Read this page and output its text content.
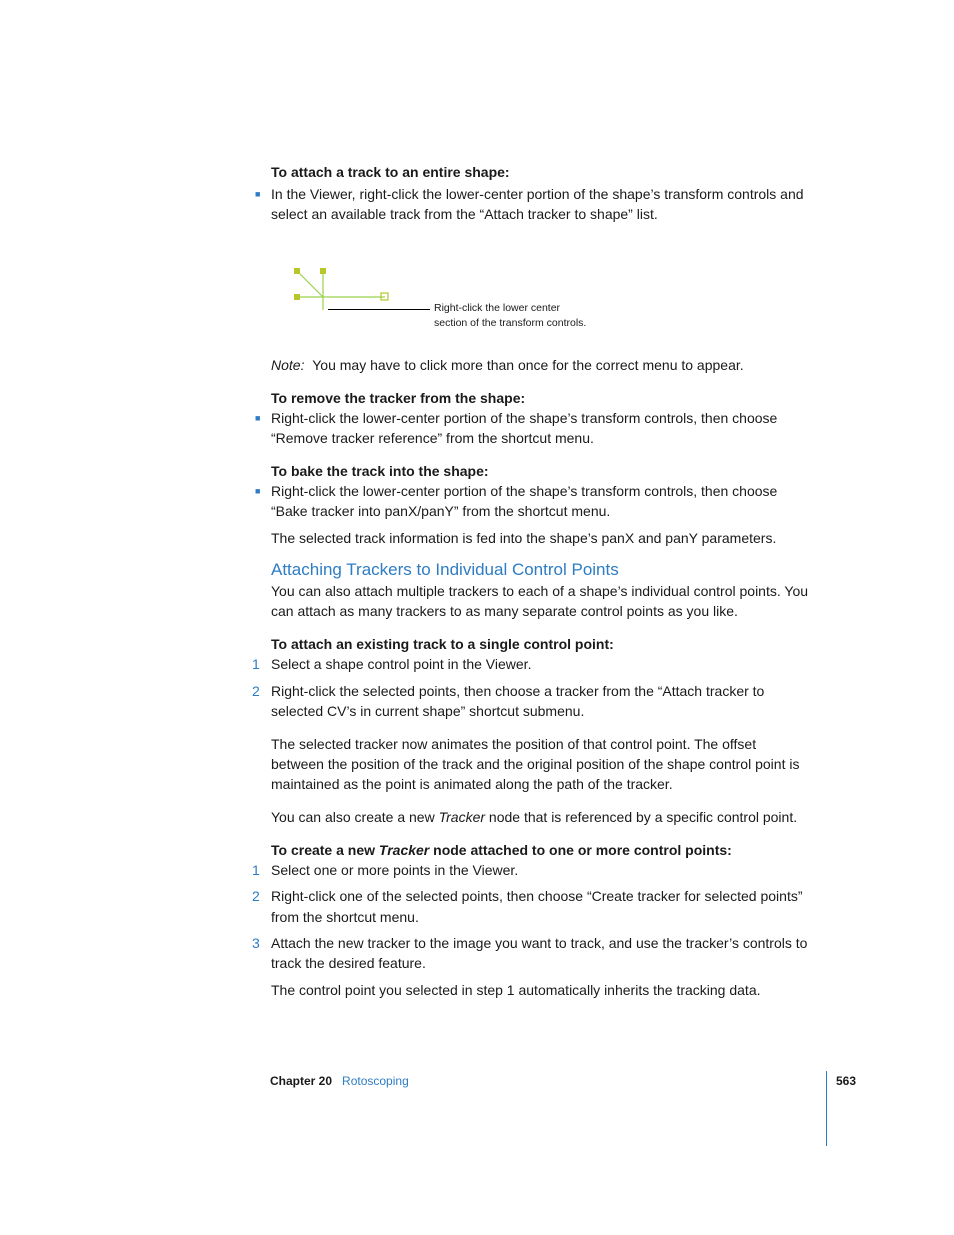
To attach a track to an entire shape:
■ In the Viewer, right-click the lower-center portion of the shape’s transform controls and
select an available track from the “Attach tracker to shape” list.
Right-click the lower center
section of the transform controls.
Note: You may have to click more than once for the correct menu to appear.
To remove the tracker from the shape:
■ Right-click the lower-center portion of the shape’s transform controls, then choose
“Remove tracker reference” from the shortcut menu.
To bake the track into the shape:
■ Right-click the lower-center portion of the shape’s transform controls, then choose
“Bake tracker into panX/panY” from the shortcut menu.
The selected track information is fed into the shape’s panX and panY parameters.
Attaching Trackers to Individual Control Points
You can also attach multiple trackers to each of a shape’s individual control points. You
can attach as many trackers to as many separate control points as you like.
To attach an existing track to a single control point:
1 Select a shape control point in the Viewer.
2 Right-click the selected points, then choose a tracker from the “Attach tracker to
selected CV’s in current shape” shortcut submenu.
The selected tracker now animates the position of that control point. The offset
between the position of the track and the original position of the shape control point is
maintained as the point is animated along the path of the tracker.
You can also create a new Tracker node that is referenced by a specific control point.
To create a new Tracker node attached to one or more control points:
1 Select one or more points in the Viewer.
2 Right-click one of the selected points, then choose “Create tracker for selected points”
from the shortcut menu.
3 Attach the new tracker to the image you want to track, and use the tracker’s controls to
track the desired feature.
The control point you selected in step 1 automatically inherits the tracking data.
Chapter 20 Rotoscoping	563
